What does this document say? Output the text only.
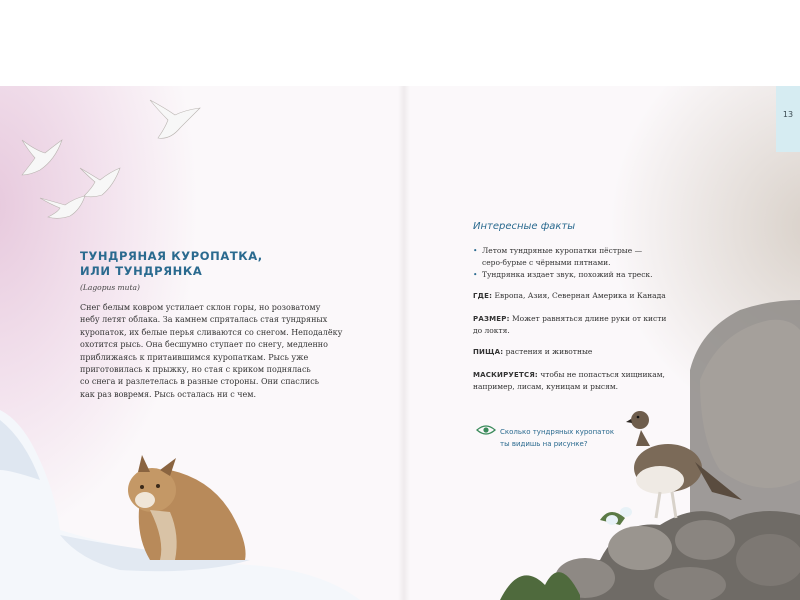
13
ТУНДРЯНАЯ КУРОПАТКА,
ИЛИ ТУНДРЯНКА
(Lagopus muta)
Снег белым ковром устилает склон горы, но розоватому
небу летят облака. За камнем спряталась стая тундряных
куропаток, их белые перья сливаются со снегом. Неподалёку
охотится рысь. Она бесшумно ступает по снегу, медленно
приближаясь к притаившимся куропаткам. Рысь уже
приготовилась к прыжку, но стая с криком поднялась
со снега и разлетелась в разные стороны. Они спаслись
как раз вовремя. Рысь осталась ни с чем.
Интересные факты
• Летом тундряные куропатки пёстрые —
серо-бурые с чёрными пятнами.
• Тундрянка издает звук, похожий на треск.
ГДЕ: Европа, Азия, Северная Америка и Канада
РАЗМЕР: Может равняться длине руки от кисти
до локтя.
ПИЩА: растения и животные
МАСКИРУЕТСЯ: чтобы не попасться хищникам,
например, лисам, куницам и рысям.
Сколько тундряных куропаток
ты видишь на рисунке?
